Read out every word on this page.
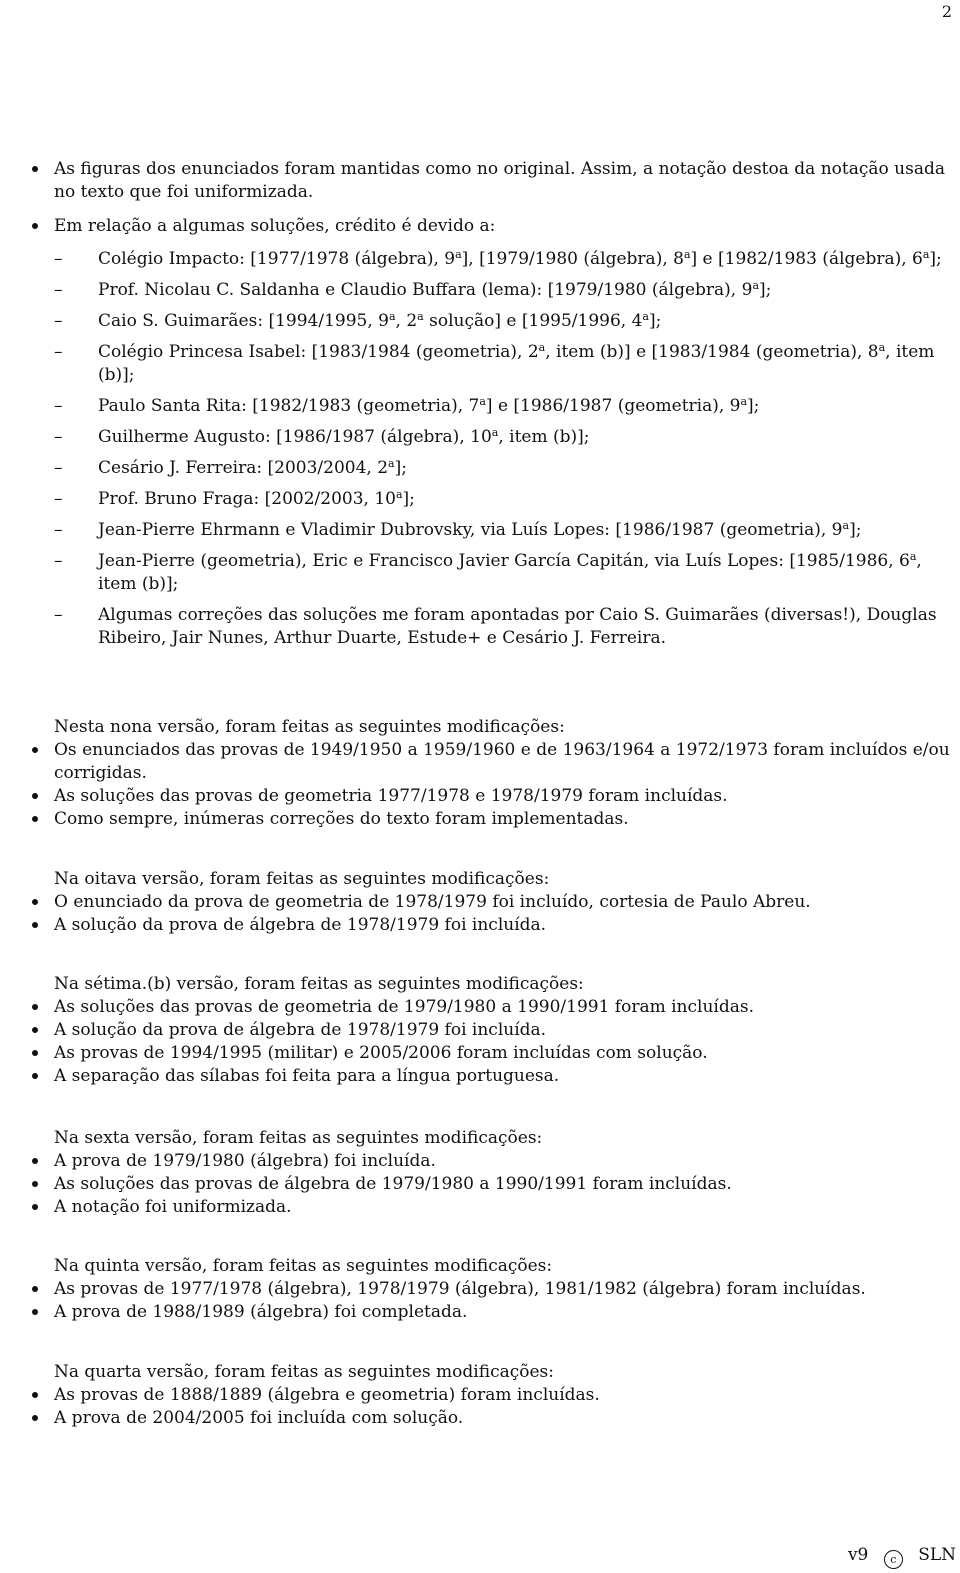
2
As figuras dos enunciados foram mantidas como no original. Assim, a notação destoa da notação usada no texto que foi uniformizada.
Em relação a algumas soluções, crédito é devido a:
– Colégio Impacto: [1977/1978 (álgebra), 9$^a$], [1979/1980 (álgebra), 8$^a$] e [1982/1983 (álgebra), 6$^a$];
– Prof. Nicolau C. Saldanha e Claudio Buffara (lema): [1979/1980 (álgebra), 9$^a$];
– Caio S. Guimarães: [1994/1995, 9$^a$, 2$^a$ solução] e [1995/1996, 4$^a$];
– Colégio Princesa Isabel: [1983/1984 (geometria), 2$^a$, item (b)] e [1983/1984 (geometria), 8$^a$, item (b)];
– Paulo Santa Rita: [1982/1983 (geometria), 7$^a$] e [1986/1987 (geometria), 9$^a$];
– Guilherme Augusto: [1986/1987 (álgebra), 10$^a$, item (b)];
– Cesário J. Ferreira: [2003/2004, 2$^a$];
– Prof. Bruno Fraga: [2002/2003, 10$^a$];
– Jean-Pierre Ehrmann e Vladimir Dubrovsky, via Luís Lopes: [1986/1987 (geometria), 9$^a$];
– Jean-Pierre (geometria), Eric e Francisco Javier García Capitán, via Luís Lopes: [1985/1986, 6$^a$, item (b)];
– Algumas correções das soluções me foram apontadas por Caio S. Guimarães (diversas!), Douglas Ribeiro, Jair Nunes, Arthur Duarte, Estude+ e Cesário J. Ferreira.

Nesta nona versão, foram feitas as seguintes modificações:

Os enunciados das provas de 1949/1950 a 1959/1960 e de 1963/1964 a 1972/1973 foram incluídos e/ou corrigidas.
As soluções das provas de geometria 1977/1978 e 1978/1979 foram incluídas.
Como sempre, inúmeras correções do texto foram implementadas.

Na oitava versão, foram feitas as seguintes modificações:

O enunciado da prova de geometria de 1978/1979 foi incluído, cortesia de Paulo Abreu.
A solução da prova de álgebra de 1978/1979 foi incluída.

Na sétima.(b) versão, foram feitas as seguintes modificações:

As soluções das provas de geometria de 1979/1980 a 1990/1991 foram incluídas.
A solução da prova de álgebra de 1978/1979 foi incluída.
As provas de 1994/1995 (militar) e 2005/2006 foram incluídas com solução.
A separação das sílabas foi feita para a língua portuguesa.

Na sexta versão, foram feitas as seguintes modificações:

A prova de 1979/1980 (álgebra) foi incluída.
As soluções das provas de álgebra de 1979/1980 a 1990/1991 foram incluídas.
A notação foi uniformizada.

Na quinta versão, foram feitas as seguintes modificações:

As provas de 1977/1978 (álgebra), 1978/1979 (álgebra), 1981/1982 (álgebra) foram incluídas.
A prova de 1988/1989 (álgebra) foi completada.

Na quarta versão, foram feitas as seguintes modificações:

As provas de 1888/1889 (álgebra e geometria) foram incluídas.
A prova de 2004/2005 foi incluída com solução.
v9 c SLN
